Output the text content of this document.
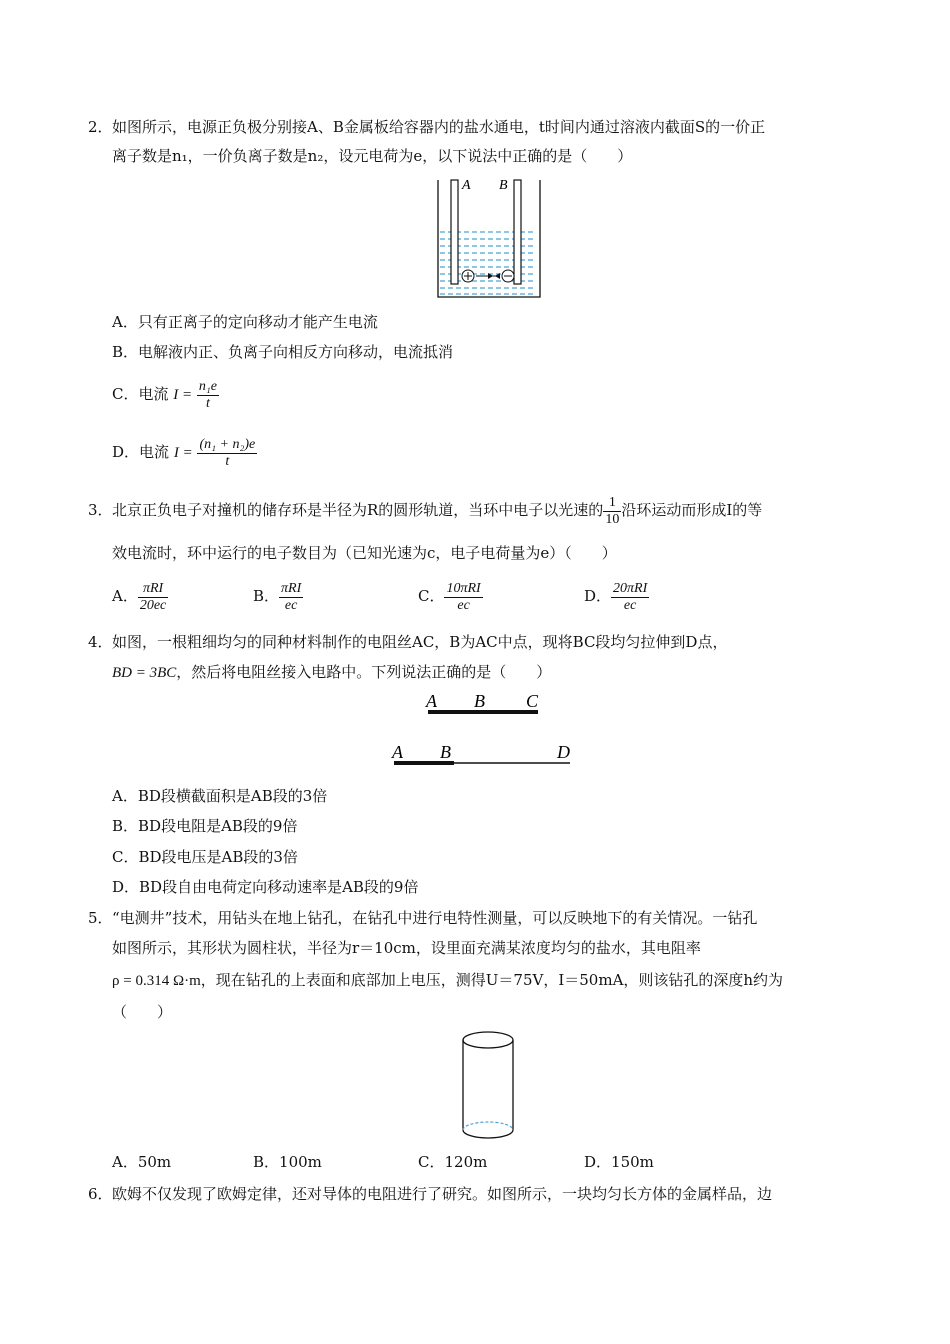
2． 如图所示，电源正负极分别接A、B金属板给容器内的盐水通电，t时间内通过溶液内截面S的一价正
离子数是n₁，一价负离子数是n₂，设元电荷为e，以下说法中正确的是（　　）
A B
A．只有正离子的定向移动才能产生电流
B．电解液内正、负离子向相反方向移动，电流抵消
C．电流 $I = \frac{\text{n₁e}}{t}$
D．电流 $I = \frac{\text{(n₁ + n₂)e}}{t}$
3． 北京正负电子对撞机的储存环是半径为R的圆形轨道，当环中电子以光速的 $\frac{1}{10}$ 沿环运动而形成I的等
效电流时，环中运行的电子数目为（已知光速为c，电子电荷量为e）（　　）
A． $\frac{\text{πRI}}{20ec}$	B． $\frac{\text{πRI}}{ec}$	C． $\frac{\text{10πRI}}{ec}$	D． $\frac{\text{20πRI}}{ec}$
4． 如图，一根粗细均匀的同种材料制作的电阻丝AC，B为AC中点，现将BC段均匀拉伸到D点，
BD = 3BC，然后将电阻丝接入电路中。下列说法正确的是（　　）
A B C
A B	D
A．BD段横截面积是AB段的3倍
B．BD段电阻是AB段的9倍
C．BD段电压是AB段的3倍
D．BD段自由电荷定向移动速率是AB段的9倍
5． “电测井”技术，用钻头在地上钻孔，在钻孔中进行电特性测量，可以反映地下的有关情况。一钻孔
如图所示，其形状为圆柱状，半径为r＝10cm，设里面充满某浓度均匀的盐水，其电阻率
ρ = 0.314 Ω·m，现在钻孔的上表面和底部加上电压，测得U＝75V，I＝50mA，则该钻孔的深度h约为
（　　）
A．50m	B．100m	C．120m	D．150m
6． 欧姆不仅发现了欧姆定律，还对导体的电阻进行了研究。如图所示，一块均匀长方体的金属样品，边
